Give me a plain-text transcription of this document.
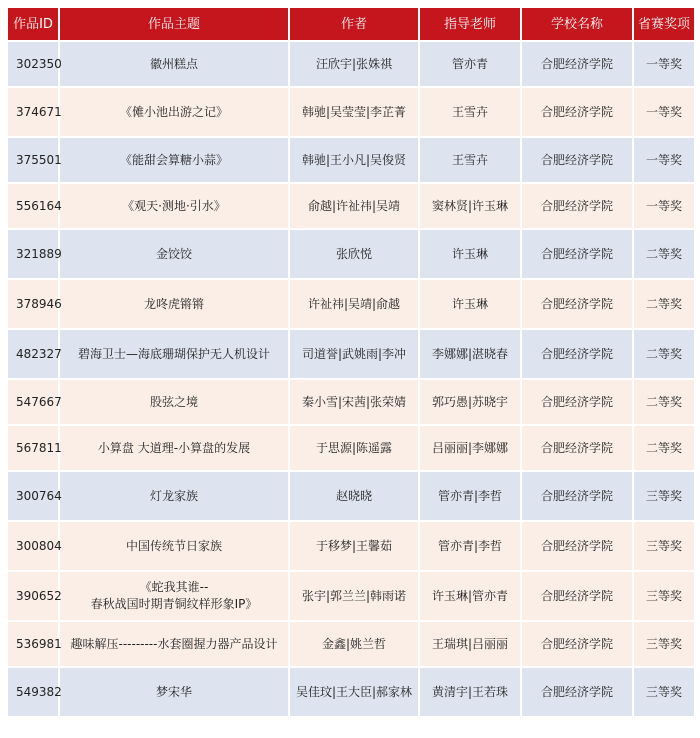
作品ID	作品主题	作者	指导老师	学校名称	省赛奖项
302350	徽州糕点	汪欣宇|张姝祺	管亦青	合肥经济学院	一等奖
374671	《傩小池出游之记》	韩驰|吴莹莹|李芷菁	王雪卉	合肥经济学院	一等奖
375501	《能甜会算糖小蒜》	韩驰|王小凡|吴俊贤	王雪卉	合肥经济学院	一等奖
556164	《观天·测地·引水》	俞越|许祉祎|吴靖	窦林贤|许玉琳	合肥经济学院	一等奖
321889	金饺饺	张欣悦	许玉琳	合肥经济学院	二等奖
378946	龙咚虎锵锵	许祉祎|吴靖|俞越	许玉琳	合肥经济学院	二等奖
482327	碧海卫士—海底珊瑚保护无人机设计	司道誉|武姚雨|李冲	李娜娜|湛晓春	合肥经济学院	二等奖
547667	股弦之境	秦小雪|宋茜|张荣婧	郭巧愚|苏晓宇	合肥经济学院	二等奖
567811	小算盘 大道理-小算盘的发展	于思源|陈遥露	吕丽丽|李娜娜	合肥经济学院	二等奖
300764	灯龙家族	赵晓晓	管亦青|李哲	合肥经济学院	三等奖
300804	中国传统节日家族	于移梦|王馨茹	管亦青|李哲	合肥经济学院	三等奖
390652	《蛇我其谁--
春秋战国时期青铜纹样形象IP》	张宇|郭兰兰|韩雨诺	许玉琳|管亦青	合肥经济学院	三等奖
536981	趣味解压---------水套圈握力器产品设计	金鑫|姚兰哲	王瑞琪|吕丽丽	合肥经济学院	三等奖
549382	梦宋华	吴佳玟|王大臣|郝家林	黄清宇|王若珠	合肥经济学院	三等奖
